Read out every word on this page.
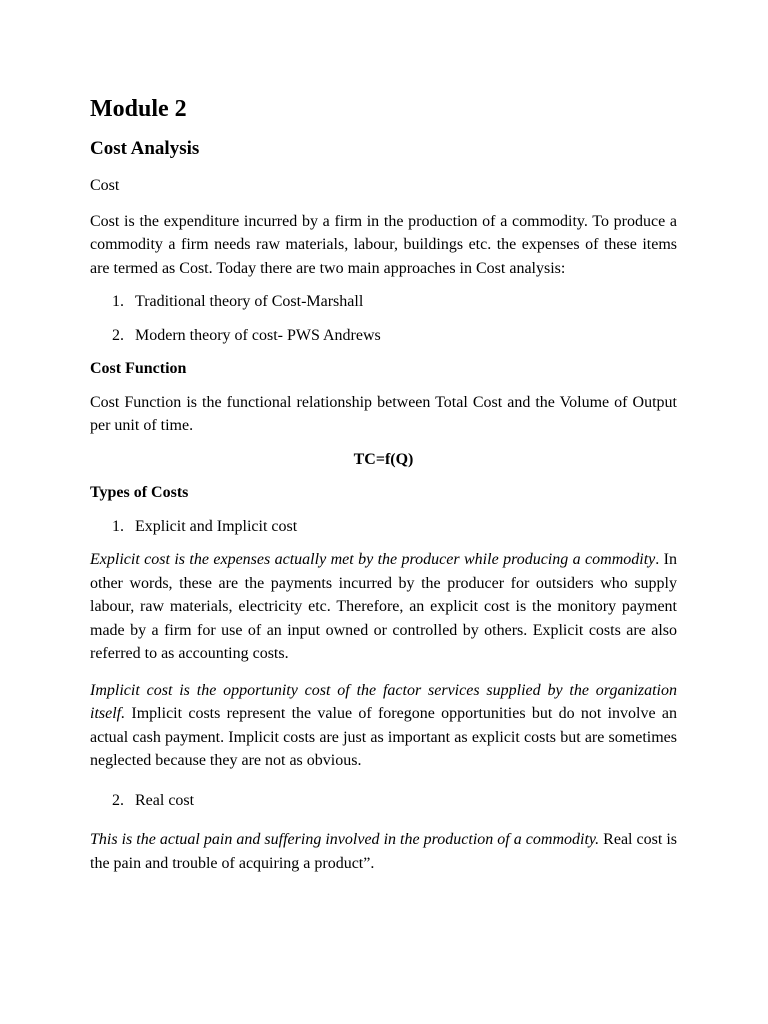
Module 2
Cost Analysis

Cost

Cost is the expenditure incurred by a firm in the production of a commodity. To produce a commodity a firm needs raw materials, labour, buildings etc. the expenses of these items are termed as Cost. Today there are two main approaches in Cost analysis:

1. Traditional theory of Cost-Marshall
2. Modern theory of cost- PWS Andrews

Cost Function

Cost Function is the functional relationship between Total Cost and the Volume of Output per unit of time.

TC=f(Q)

Types of Costs

1. Explicit and Implicit cost

Explicit cost is the expenses actually met by the producer while producing a commodity. In other words, these are the payments incurred by the producer for outsiders who supply labour, raw materials, electricity etc. Therefore, an explicit cost is the monitory payment made by a firm for use of an input owned or controlled by others. Explicit costs are also referred to as accounting costs.

Implicit cost is the opportunity cost of the factor services supplied by the organization itself. Implicit costs represent the value of foregone opportunities but do not involve an actual cash payment. Implicit costs are just as important as explicit costs but are sometimes neglected because they are not as obvious.

2. Real cost

This is the actual pain and suffering involved in the production of a commodity. Real cost is the pain and trouble of acquiring a product”.
